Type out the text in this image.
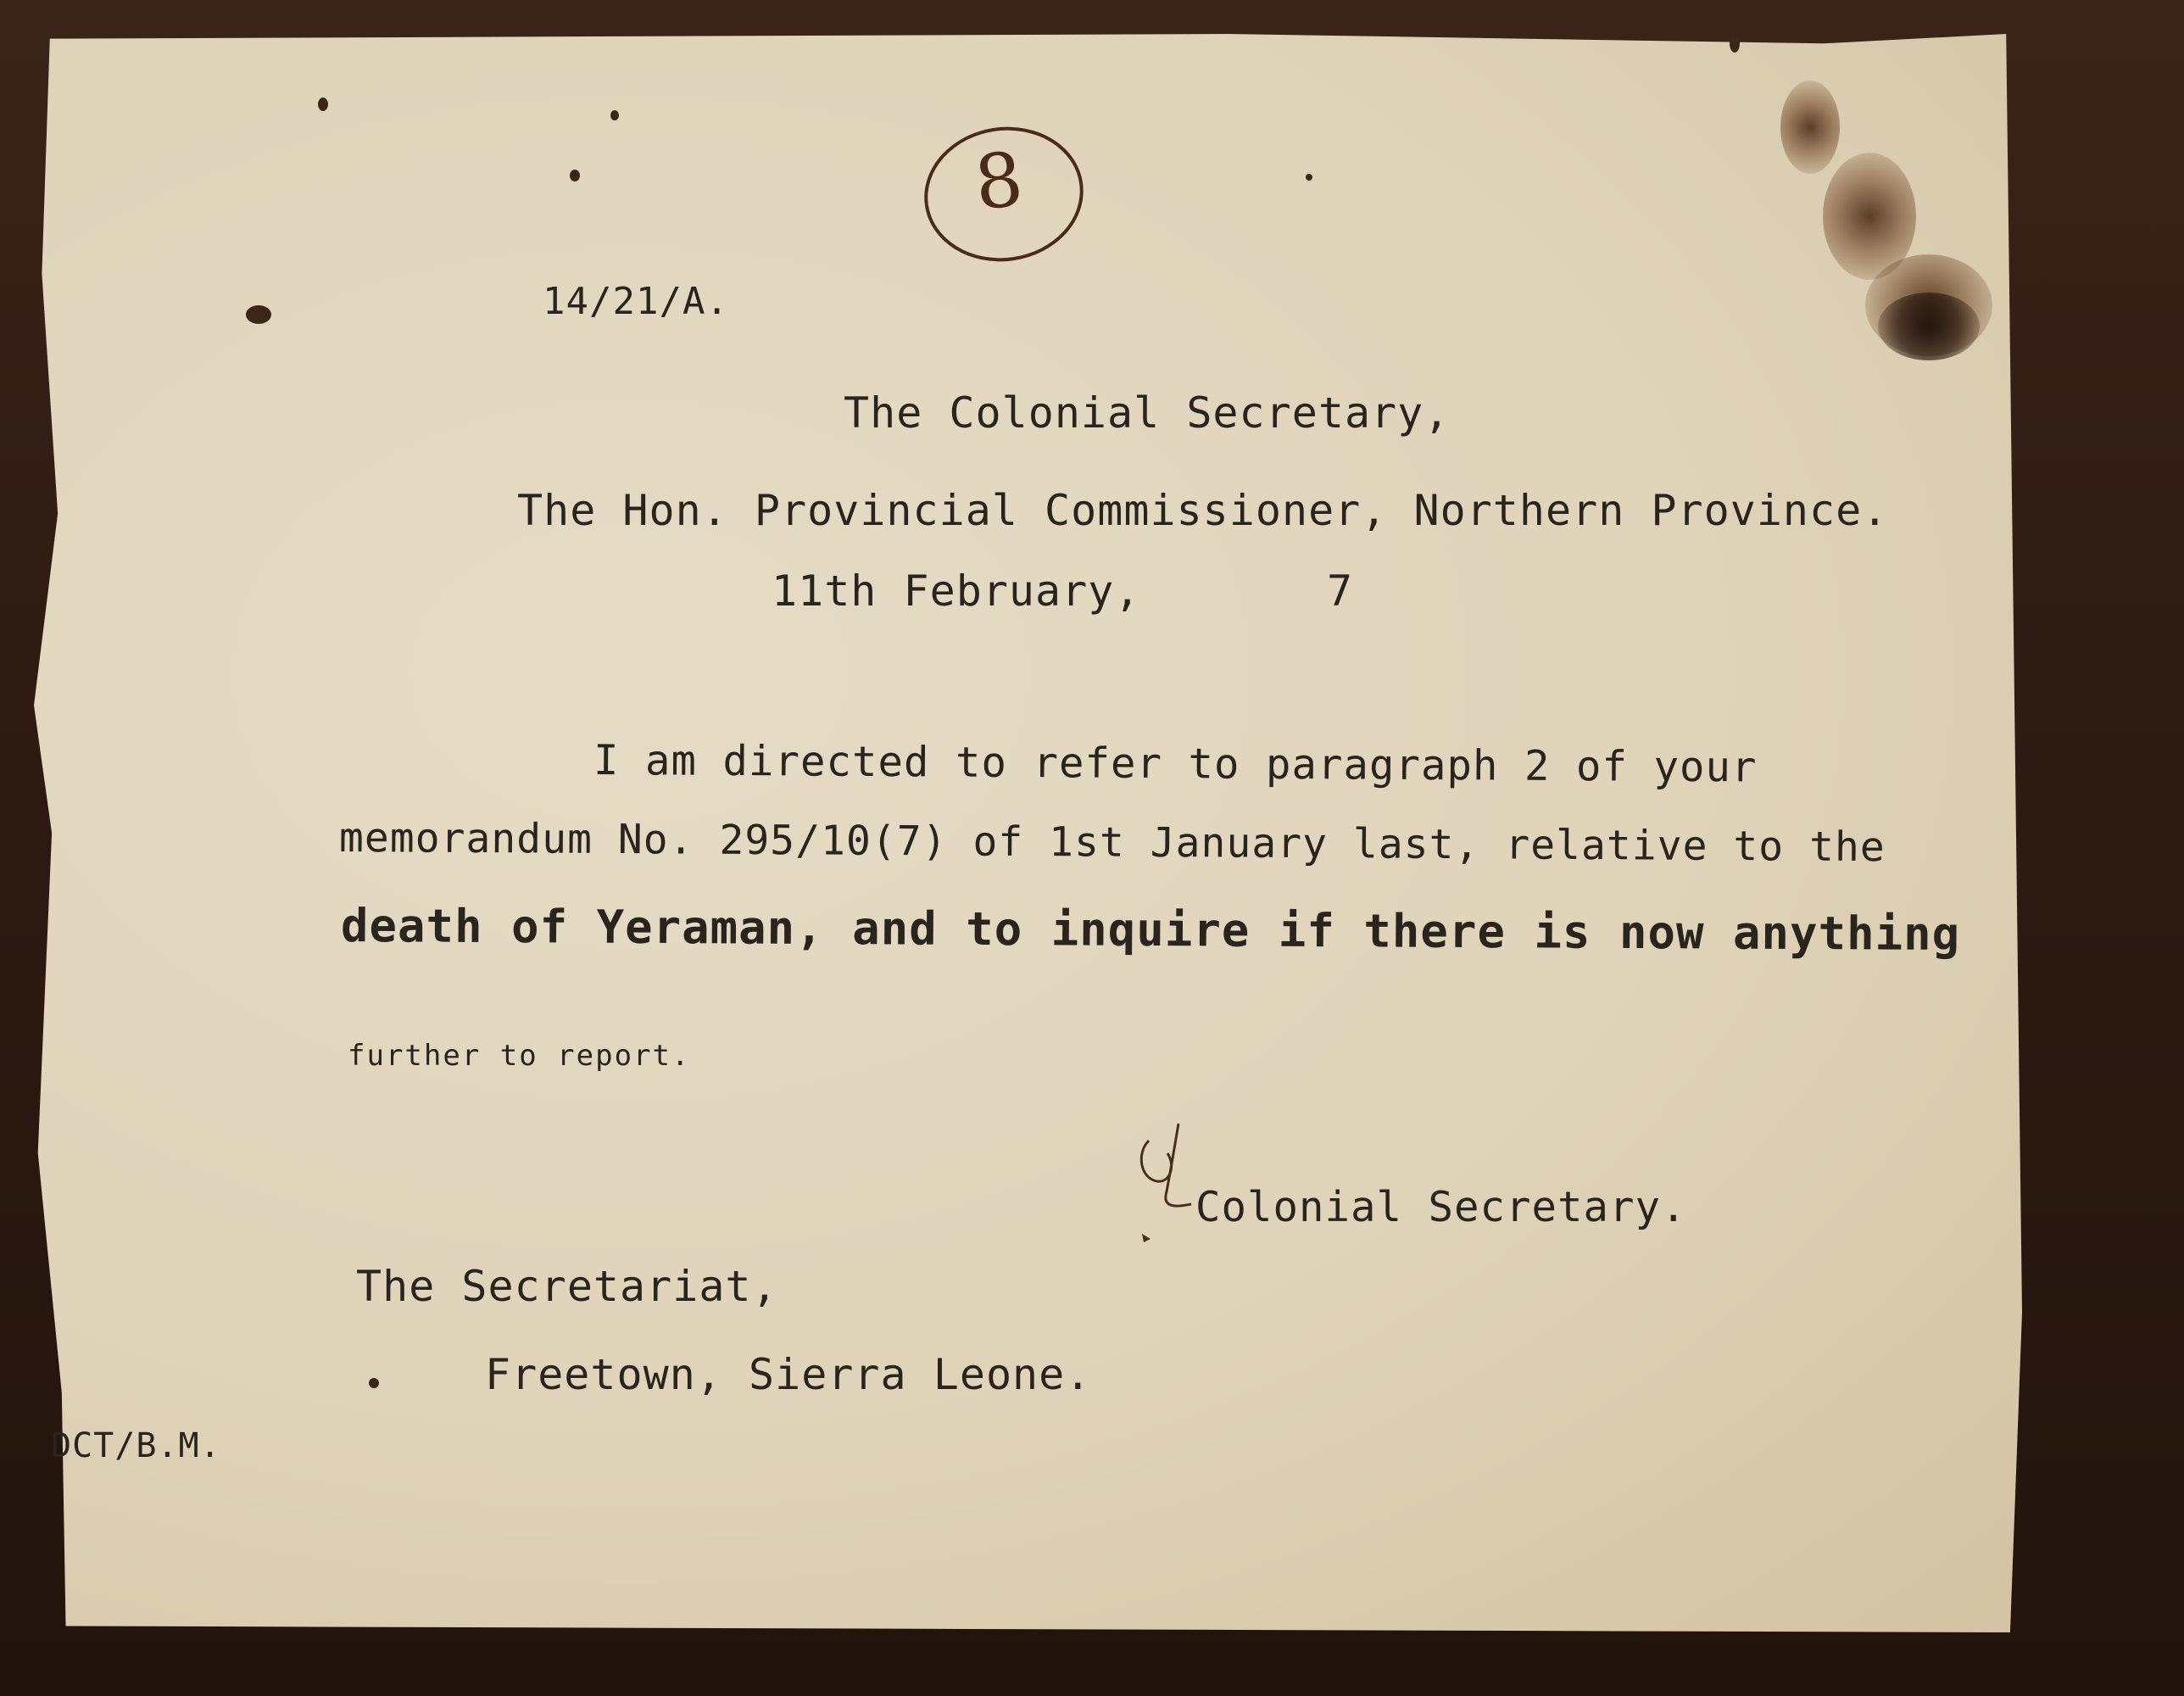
8
14/21/A.
The Colonial Secretary,
The Hon. Provincial Commissioner, Northern Province.
11th February,	7
I am directed to refer to paragraph 2 of your
memorandum No. 295/10(7) of 1st January last, relative to the
death of Yeraman, and to inquire if there is now anything
further to report.
Colonial Secretary.
The Secretariat,
Freetown, Sierra Leone.
DCT/B.M.
